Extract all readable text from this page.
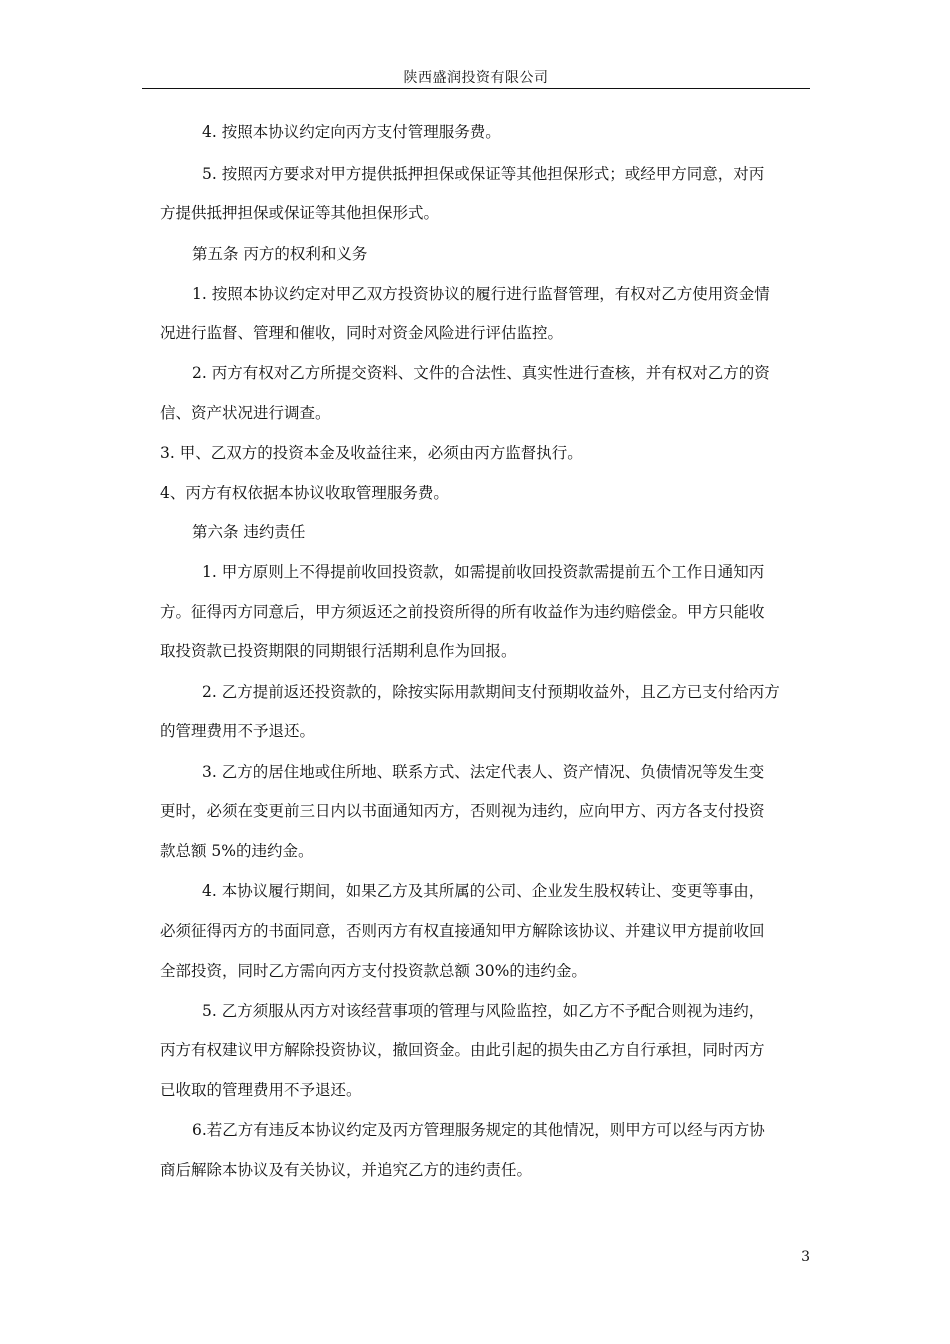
陕西盛润投资有限公司
4. 按照本协议约定向丙方支付管理服务费。
5. 按照丙方要求对甲方提供抵押担保或保证等其他担保形式；或经甲方同意，对丙
方提供抵押担保或保证等其他担保形式。
第五条 丙方的权利和义务
1. 按照本协议约定对甲乙双方投资协议的履行进行监督管理，有权对乙方使用资金情
况进行监督、管理和催收，同时对资金风险进行评估监控。
2. 丙方有权对乙方所提交资料、文件的合法性、真实性进行查核，并有权对乙方的资
信、资产状况进行调查。
3. 甲、乙双方的投资本金及收益往来，必须由丙方监督执行。
4、丙方有权依据本协议收取管理服务费。
第六条 违约责任
1. 甲方原则上不得提前收回投资款，如需提前收回投资款需提前五个工作日通知丙
方。征得丙方同意后，甲方须返还之前投资所得的所有收益作为违约赔偿金。甲方只能收
取投资款已投资期限的同期银行活期利息作为回报。
2. 乙方提前返还投资款的，除按实际用款期间支付预期收益外，且乙方已支付给丙方
的管理费用不予退还。
3. 乙方的居住地或住所地、联系方式、法定代表人、资产情况、负债情况等发生变
更时，必须在变更前三日内以书面通知丙方，否则视为违约，应向甲方、丙方各支付投资
款总额 5%的违约金。
4. 本协议履行期间，如果乙方及其所属的公司、企业发生股权转让、变更等事由，
必须征得丙方的书面同意，否则丙方有权直接通知甲方解除该协议、并建议甲方提前收回
全部投资，同时乙方需向丙方支付投资款总额 30%的违约金。
5. 乙方须服从丙方对该经营事项的管理与风险监控，如乙方不予配合则视为违约，
丙方有权建议甲方解除投资协议，撤回资金。由此引起的损失由乙方自行承担，同时丙方
已收取的管理费用不予退还。
6.若乙方有违反本协议约定及丙方管理服务规定的其他情况，则甲方可以经与丙方协
商后解除本协议及有关协议，并追究乙方的违约责任。
3
